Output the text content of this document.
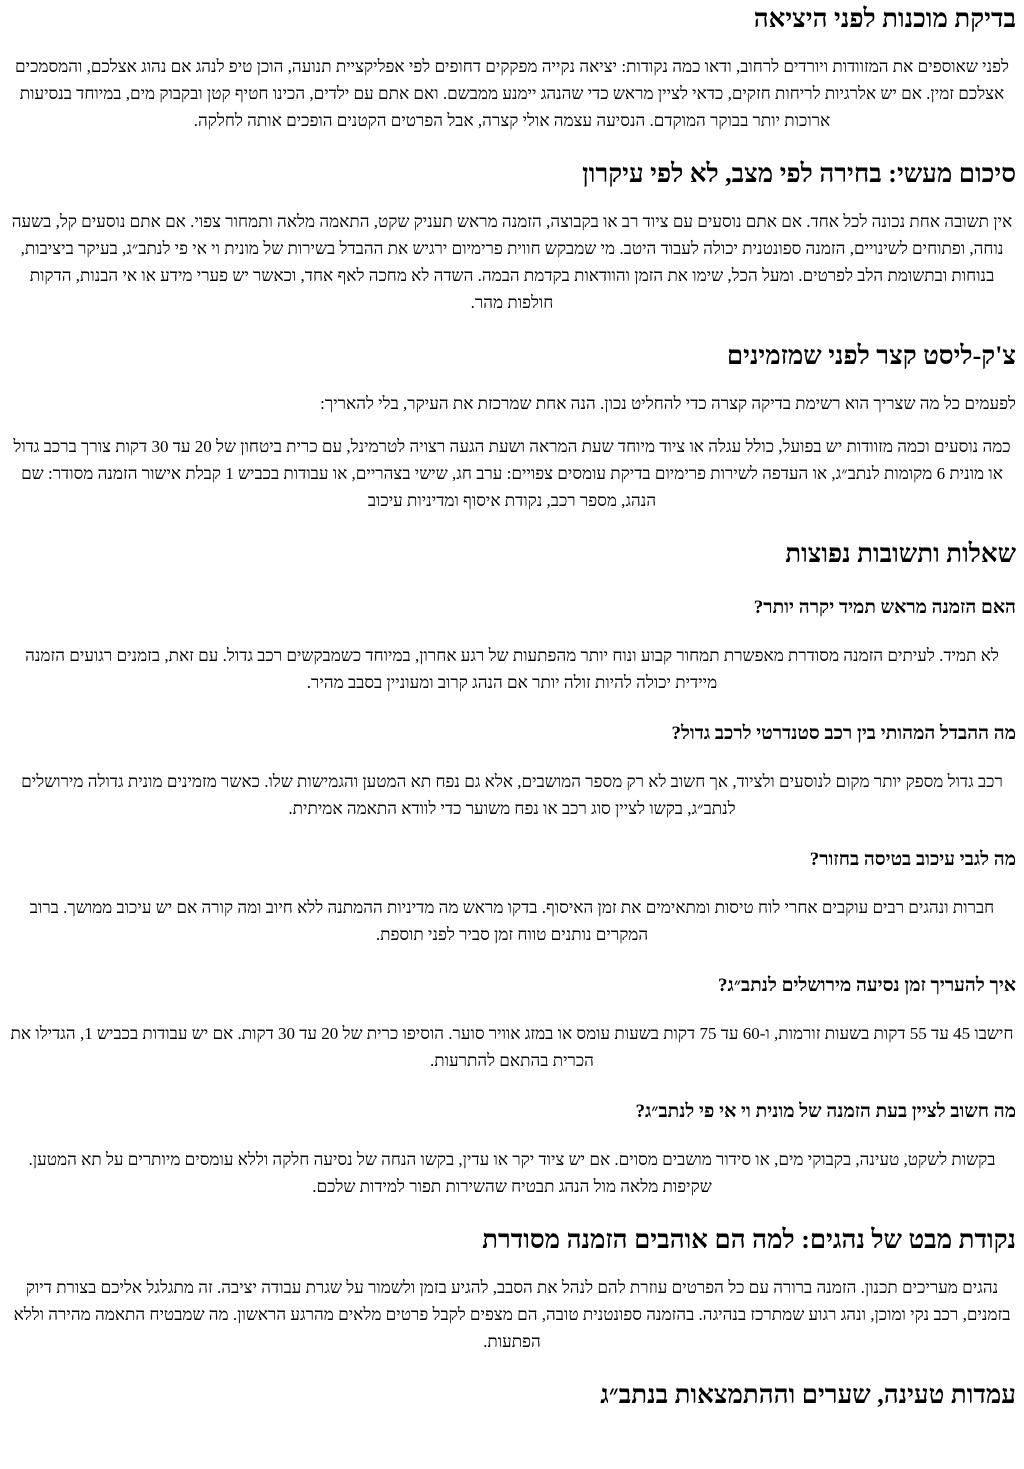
בדיקת מוכנות לפני היציאה

לפני שאוספים את המזוודות ויורדים לרחוב, ודאו כמה נקודות: יציאה נקייה מפקקים דחופים לפי אפליקציית תנועה, הוכן טיפ לנהג אם נהוג אצלכם, והמסמכים אצלכם זמין. אם יש אלרגיות לריחות חזקים, כדאי לציין מראש כדי שהנהג יימנע ממבשם. ואם אתם עם ילדים, הכינו חטיף קטן ובקבוק מים, במיוחד בנסיעות ארוכות יותר בבוקר המוקדם. הנסיעה עצמה אולי קצרה, אבל הפרטים הקטנים הופכים אותה לחלקה.

סיכום מעשי: בחירה לפי מצב, לא לפי עיקרון

אין תשובה אחת נכונה לכל אחד. אם אתם נוסעים עם ציוד רב או בקבוצה, הזמנה מראש תעניק שקט, התאמה מלאה ותמחור צפוי. אם אתם נוסעים קל, בשעה נוחה, ופתוחים לשינויים, הזמנה ספונטנית יכולה לעבוד היטב. מי שמבקש חווית פרימיום ירגיש את ההבדל בשירות של מונית וי אי פי לנתב״ג, בעיקר ביציבות, בנוחות ובתשומת הלב לפרטים. ומעל הכל, שימו את הזמן והוודאות בקדמת הבמה. השדה לא מחכה לאף אחד, וכאשר יש פערי מידע או אי הבנות, הדקות חולפות מהר.

צ'ק-ליסט קצר לפני שמזמינים

לפעמים כל מה שצריך הוא רשימת בדיקה קצרה כדי להחליט נכון. הנה אחת שמרכזת את העיקר, בלי להאריך:

כמה נוסעים וכמה מזוודות יש בפועל, כולל עגלה או ציוד מיוחד שעת המראה ושעת הגעה רצויה לטרמינל, עם כרית ביטחון של 20 עד 30 דקות צורך ברכב גדול או מונית 6 מקומות לנתב״ג, או העדפה לשירות פרימיום בדיקת עומסים צפויים: ערב חג, שישי בצהריים, או עבודות בכביש 1 קבלת אישור הזמנה מסודר: שם הנהג, מספר רכב, נקודת איסוף ומדיניות עיכוב

שאלות ותשובות נפוצות
האם הזמנה מראש תמיד יקרה יותר?

לא תמיד. לעיתים הזמנה מסודרת מאפשרת תמחור קבוע ונוח יותר מהפתעות של רגע אחרון, במיוחד כשמבקשים רכב גדול. עם זאת, בזמנים רגועים הזמנה מיידית יכולה להיות זולה יותר אם הנהג קרוב ומעוניין בסבב מהיר.

מה ההבדל המהותי בין רכב סטנדרטי לרכב גדול?

רכב גדול מספק יותר מקום לנוסעים ולציוד, אך חשוב לא רק מספר המושבים, אלא גם נפח תא המטען והגמישות שלו. כאשר מזמינים מונית גדולה מירושלים לנתב״ג, בקשו לציין סוג רכב או נפח משוער כדי לוודא התאמה אמיתית.

מה לגבי עיכוב בטיסה בחזור?

חברות ונהגים רבים עוקבים אחרי לוח טיסות ומתאימים את זמן האיסוף. בדקו מראש מה מדיניות ההמתנה ללא חיוב ומה קורה אם יש עיכוב ממושך. ברוב המקרים נותנים טווח זמן סביר לפני תוספת.

איך להעריך זמן נסיעה מירושלים לנתב״ג?

חישבו 45 עד 55 דקות בשעות זורמות, ו-60 עד 75 דקות בשעות עומס או במזג אוויר סוער. הוסיפו כרית של 20 עד 30 דקות. אם יש עבודות בכביש 1, הגדילו את הכרית בהתאם להתרעות.

מה חשוב לציין בעת הזמנה של מונית וי אי פי לנתב״ג?

בקשות לשקט, טעינה, בקבוקי מים, או סידור מושבים מסוים. אם יש ציוד יקר או עדין, בקשו הנחה של נסיעה חלקה וללא עומסים מיותרים על תא המטען. שקיפות מלאה מול הנהג תבטיח שהשירות תפור למידות שלכם.

נקודת מבט של נהגים: למה הם אוהבים הזמנה מסודרת

נהגים מעריכים תכנון. הזמנה ברורה עם כל הפרטים עוזרת להם לנהל את הסבב, להגיע בזמן ולשמור על שגרת עבודה יציבה. זה מתגלגל אליכם בצורת דיוק בזמנים, רכב נקי ומוכן, ונהג רגוע שמתרכז בנהיגה. בהזמנה ספונטנית טובה, הם מצפים לקבל פרטים מלאים מהרגע הראשון. מה שמבטיח התאמה מהירה וללא הפתעות.

עמדות טעינה, שערים וההתמצאות בנתב״ג
